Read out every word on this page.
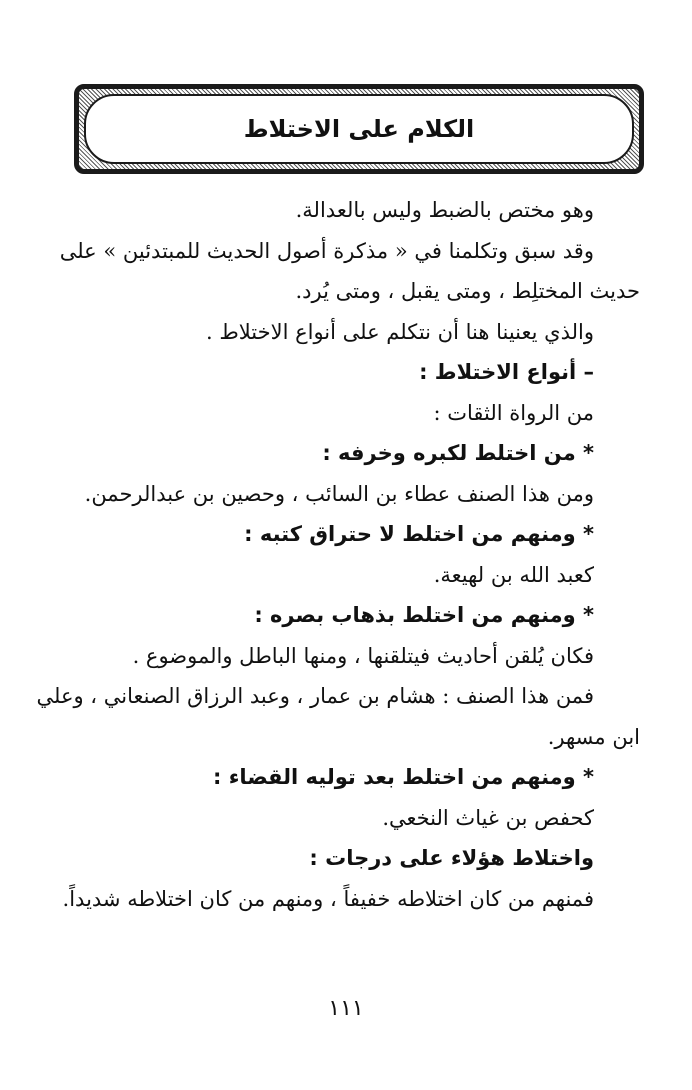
الكلام على الاختلاط
وهو مختص بالضبط وليس بالعدالة.
وقد سبق وتكلمنا في « مذكرة أصول الحديث للمبتدئين » على
حديث المختلِط ، ومتى يقبل ، ومتى يُرد.
والذي يعنينا هنا أن نتكلم على أنواع الاختلاط .
– أنواع الاختلاط :
من الرواة الثقات :
* من اختلط لكبره وخرفه :
ومن هذا الصنف عطاء بن السائب ، وحصين بن عبدالرحمن.
* ومنهم من اختلط لا حتراق كتبه :
كعبد الله بن لهيعة.
* ومنهم من اختلط بذهاب بصره :
فكان يُلقن أحاديث فيتلقنها ، ومنها الباطل والموضوع .
فمن هذا الصنف : هشام بن عمار ، وعبد الرزاق الصنعاني ، وعلي
ابن مسهر.
* ومنهم من اختلط بعد توليه القضاء :
كحفص بن غياث النخعي.
واختلاط هؤلاء على درجات :
فمنهم من كان اختلاطه خفيفاً ، ومنهم من كان اختلاطه شديداً.
١١١
